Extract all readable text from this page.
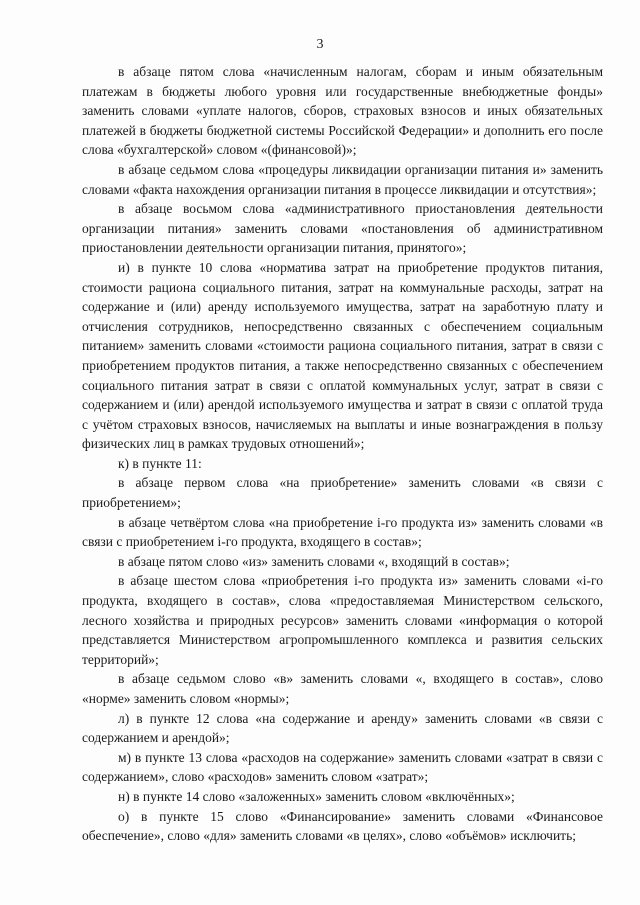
3

в абзаце пятом слова «начисленным налогам, сборам и иным обязательным платежам в бюджеты любого уровня или государственные внебюджетные фонды» заменить словами «уплате налогов, сборов, страховых взносов и иных обязательных платежей в бюджеты бюджетной системы Российской Федерации» и дополнить его после слова «бухгалтерской» словом «(финансовой)»;

в абзаце седьмом слова «процедуры ликвидации организации питания и» заменить словами «факта нахождения организации питания в процессе ликвидации и отсутствия»;

в абзаце восьмом слова «административного приостановления деятельности организации питания» заменить словами «постановления об административном приостановлении деятельности организации питания, принятого»;

и) в пункте 10 слова «норматива затрат на приобретение продуктов питания, стоимости рациона социального питания, затрат на коммунальные расходы, затрат на содержание и (или) аренду используемого имущества, затрат на заработную плату и отчисления сотрудников, непосредственно связанных с обеспечением социальным питанием» заменить словами «стоимости рациона социального питания, затрат в связи с приобретением продуктов питания, а также непосредственно связанных с обеспечением социального питания затрат в связи с оплатой коммунальных услуг, затрат в связи с содержанием и (или) арендой используемого имущества и затрат в связи с оплатой труда с учётом страховых взносов, начисляемых на выплаты и иные вознаграждения в пользу физических лиц в рамках трудовых отношений»;

к) в пункте 11:

в абзаце первом слова «на приобретение» заменить словами «в связи с приобретением»;

в абзаце четвёртом слова «на приобретение i-го продукта из» заменить словами «в связи с приобретением i-го продукта, входящего в состав»;

в абзаце пятом слово «из» заменить словами «, входящий в состав»;

в абзаце шестом слова «приобретения i-го продукта из» заменить словами «i-го продукта, входящего в состав», слова «предоставляемая Министерством сельского, лесного хозяйства и природных ресурсов» заменить словами «информация о которой представляется Министерством агропромышленного комплекса и развития сельских территорий»;

в абзаце седьмом слово «в» заменить словами «, входящего в состав», слово «норме» заменить словом «нормы»;

л) в пункте 12 слова «на содержание и аренду» заменить словами «в связи с содержанием и арендой»;

м) в пункте 13 слова «расходов на содержание» заменить словами «затрат в связи с содержанием», слово «расходов» заменить словом «затрат»;

н) в пункте 14 слово «заложенных» заменить словом «включённых»;

о) в пункте 15 слово «Финансирование» заменить словами «Финансовое обеспечение», слово «для» заменить словами «в целях», слово «объёмов» исключить;
